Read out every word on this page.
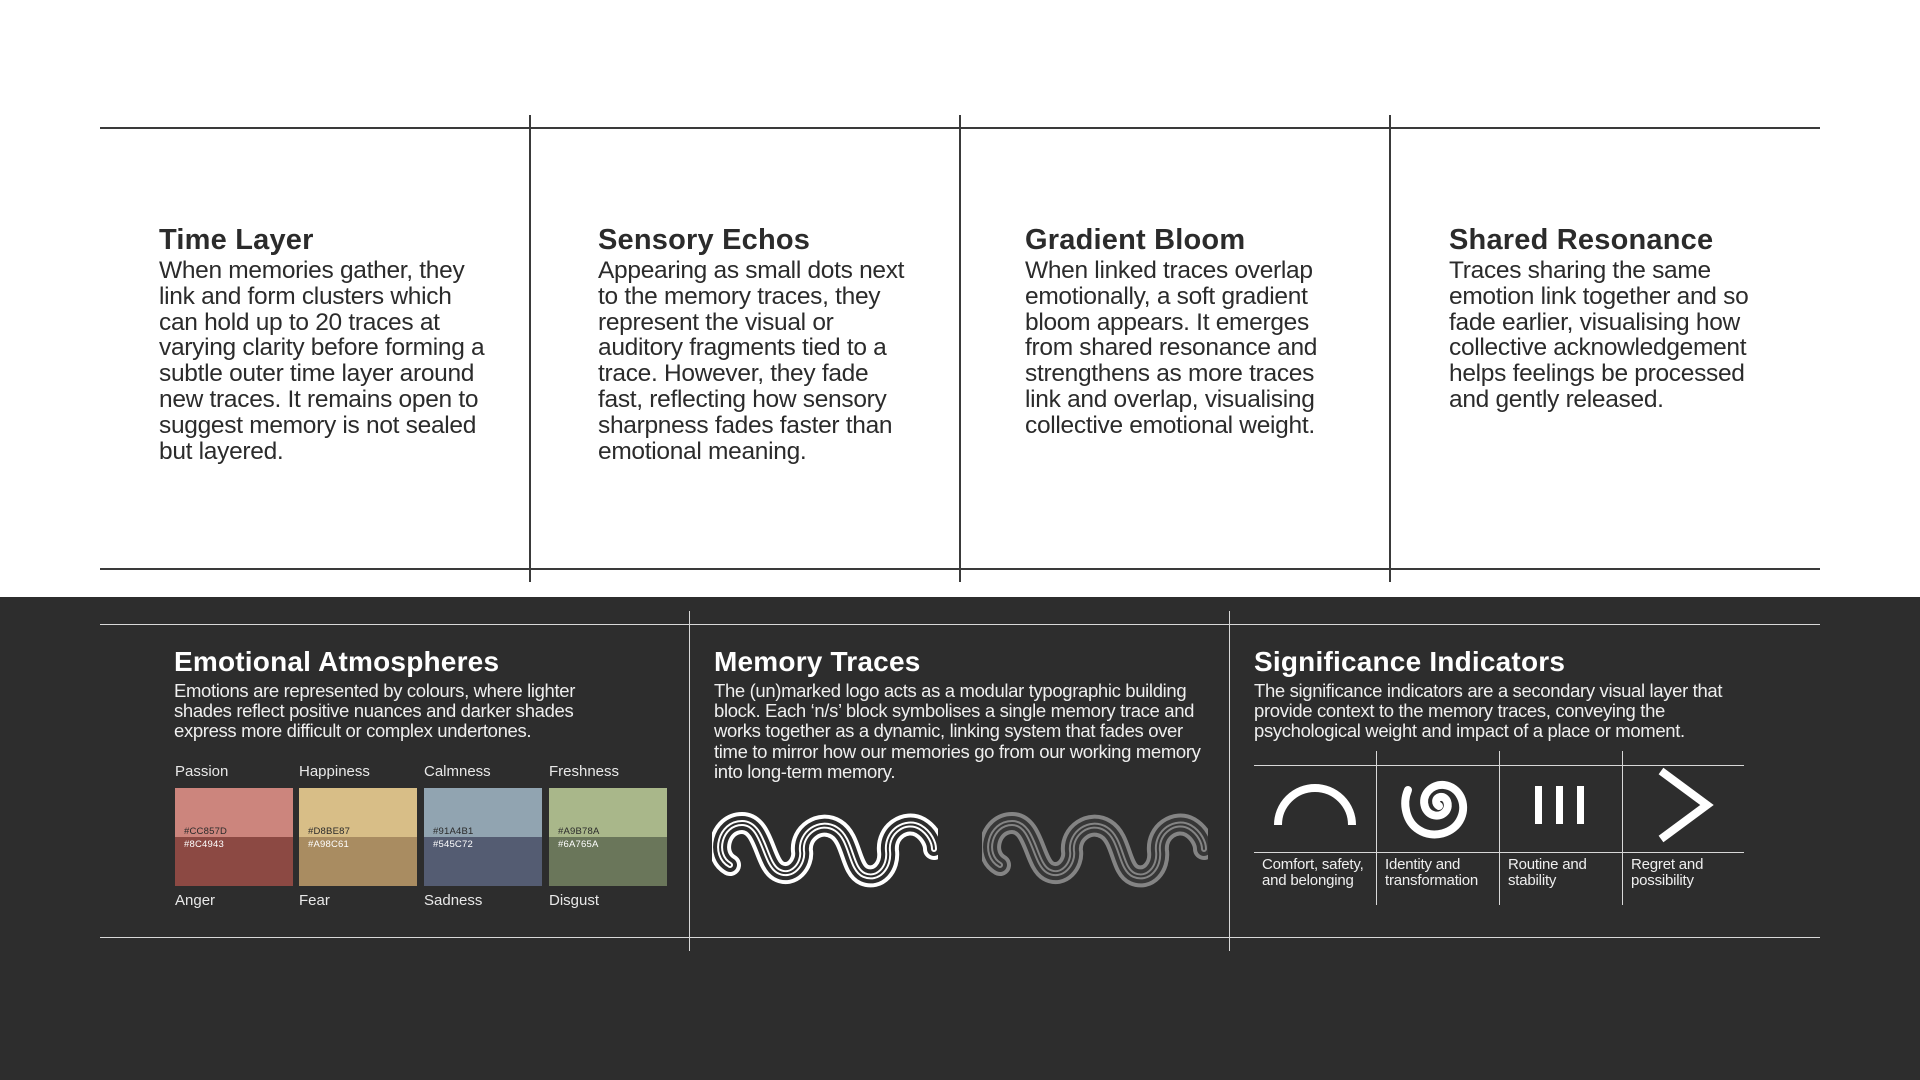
Time Layer

When memories gather, they link and form clusters which can hold up to 20 traces at varying clarity before forming a subtle outer time layer around new traces. It remains open to suggest memory is not sealed but layered.

Sensory Echos

Appearing as small dots next to the memory traces, they represent the visual or auditory fragments tied to a trace. However, they fade fast, reflecting how sensory sharpness fades faster than emotional meaning.

Gradient Bloom

When linked traces overlap emotionally, a soft gradient bloom appears. It emerges from shared resonance and strengthens as more traces link and overlap, visualising collective emotional weight.

Shared Resonance

Traces sharing the same emotion link together and so fade earlier, visualising how collective acknowledgement helps feelings be processed and gently released.

Emotional Atmospheres

Emotions are represented by colours, where lighter shades reflect positive nuances and darker shades express more difficult or complex undertones.

Passion	Happiness	Calmness	Freshness
#CC857D
#8C4943
#D8BE87
#A98C61
#91A4B1
#545C72
#A9B78A
#6A765A
Anger	Fear	Sadness	Disgust
Memory Traces

The (un)marked logo acts as a modular typographic building block. Each ‘n/s’ block symbolises a single memory trace and works together as a dynamic, linking system that fades over time to mirror how our memories go from our working memory into long-term memory.

Significance Indicators

The significance indicators are a secondary visual layer that provide context to the memory traces, conveying the psychological weight and impact of a place or moment.

Comfort, safety,
and belonging
Identity and
transformation
Routine and
stability
Regret and
possibility
